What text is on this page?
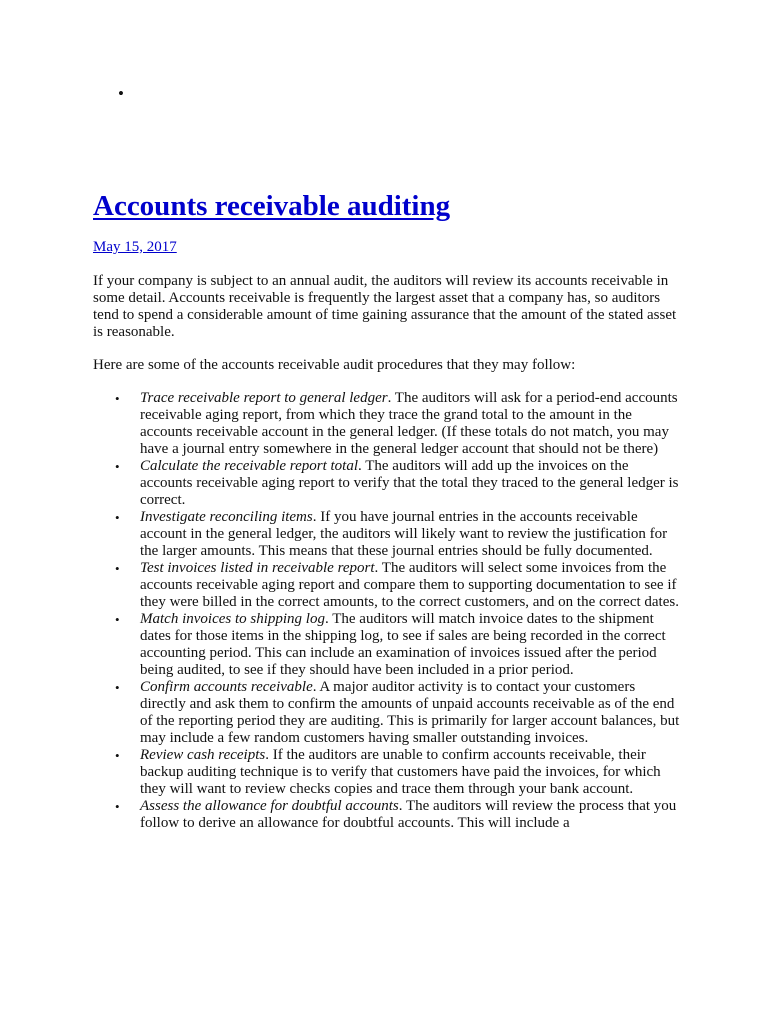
•
Accounts receivable auditing
May 15, 2017

If your company is subject to an annual audit, the auditors will review its accounts receivable in some detail. Accounts receivable is frequently the largest asset that a company has, so auditors tend to spend a considerable amount of time gaining assurance that the amount of the stated asset is reasonable.

Here are some of the accounts receivable audit procedures that they may follow:

• Trace receivable report to general ledger. The auditors will ask for a period-end accounts receivable aging report, from which they trace the grand total to the amount in the accounts receivable account in the general ledger. (If these totals do not match, you may have a journal entry somewhere in the general ledger account that should not be there)
• Calculate the receivable report total. The auditors will add up the invoices on the accounts receivable aging report to verify that the total they traced to the general ledger is correct.
• Investigate reconciling items. If you have journal entries in the accounts receivable account in the general ledger, the auditors will likely want to review the justification for the larger amounts. This means that these journal entries should be fully documented.
• Test invoices listed in receivable report. The auditors will select some invoices from the accounts receivable aging report and compare them to supporting documentation to see if they were billed in the correct amounts, to the correct customers, and on the correct dates.
• Match invoices to shipping log. The auditors will match invoice dates to the shipment dates for those items in the shipping log, to see if sales are being recorded in the correct accounting period. This can include an examination of invoices issued after the period being audited, to see if they should have been included in a prior period.
• Confirm accounts receivable. A major auditor activity is to contact your customers directly and ask them to confirm the amounts of unpaid accounts receivable as of the end of the reporting period they are auditing. This is primarily for larger account balances, but may include a few random customers having smaller outstanding invoices.
• Review cash receipts. If the auditors are unable to confirm accounts receivable, their backup auditing technique is to verify that customers have paid the invoices, for which they will want to review checks copies and trace them through your bank account.
• Assess the allowance for doubtful accounts. The auditors will review the process that you follow to derive an allowance for doubtful accounts. This will include a
